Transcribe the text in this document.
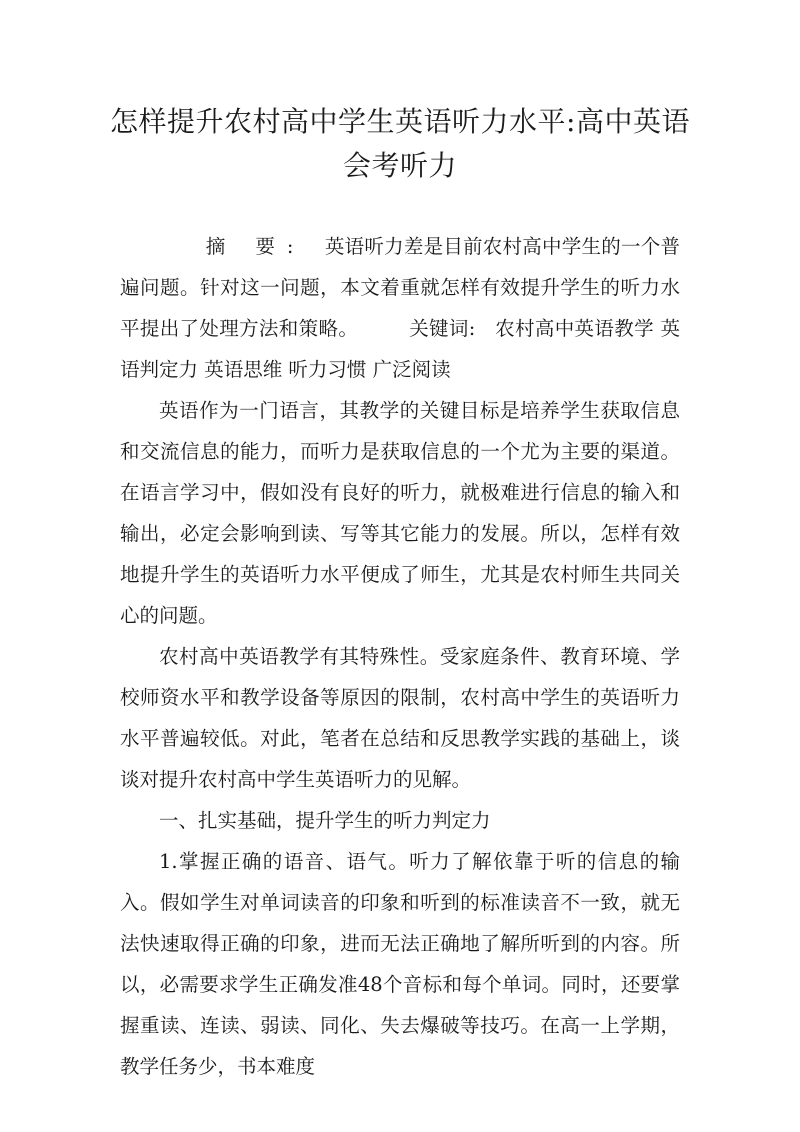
怎样提升农村高中学生英语听力水平:高中英语会考听力

摘 要: 英语听力差是目前农村高中学生的一个普遍问题。针对这一问题，本文着重就怎样有效提升学生的听力水平提出了处理方法和策略。	关键词: 农村高中英语教学 英语判定力 英语思维 听力习惯 广泛阅读

英语作为一门语言，其教学的关键目标是培养学生获取信息和交流信息的能力，而听力是获取信息的一个尤为主要的渠道。在语言学习中，假如没有良好的听力，就极难进行信息的输入和输出，必定会影响到读、写等其它能力的发展。所以，怎样有效地提升学生的英语听力水平便成了师生，尤其是农村师生共同关心的问题。

农村高中英语教学有其特殊性。受家庭条件、教育环境、学校师资水平和教学设备等原因的限制，农村高中学生的英语听力水平普遍较低。对此，笔者在总结和反思教学实践的基础上，谈谈对提升农村高中学生英语听力的见解。

一、扎实基础，提升学生的听力判定力

1.掌握正确的语音、语气。听力了解依靠于听的信息的输入。假如学生对单词读音的印象和听到的标准读音不一致，就无法快速取得正确的印象，进而无法正确地了解所听到的内容。所以，必需要求学生正确发准48个音标和每个单词。同时，还要掌握重读、连读、弱读、同化、失去爆破等技巧。在高一上学期，教学任务少，书本难度
